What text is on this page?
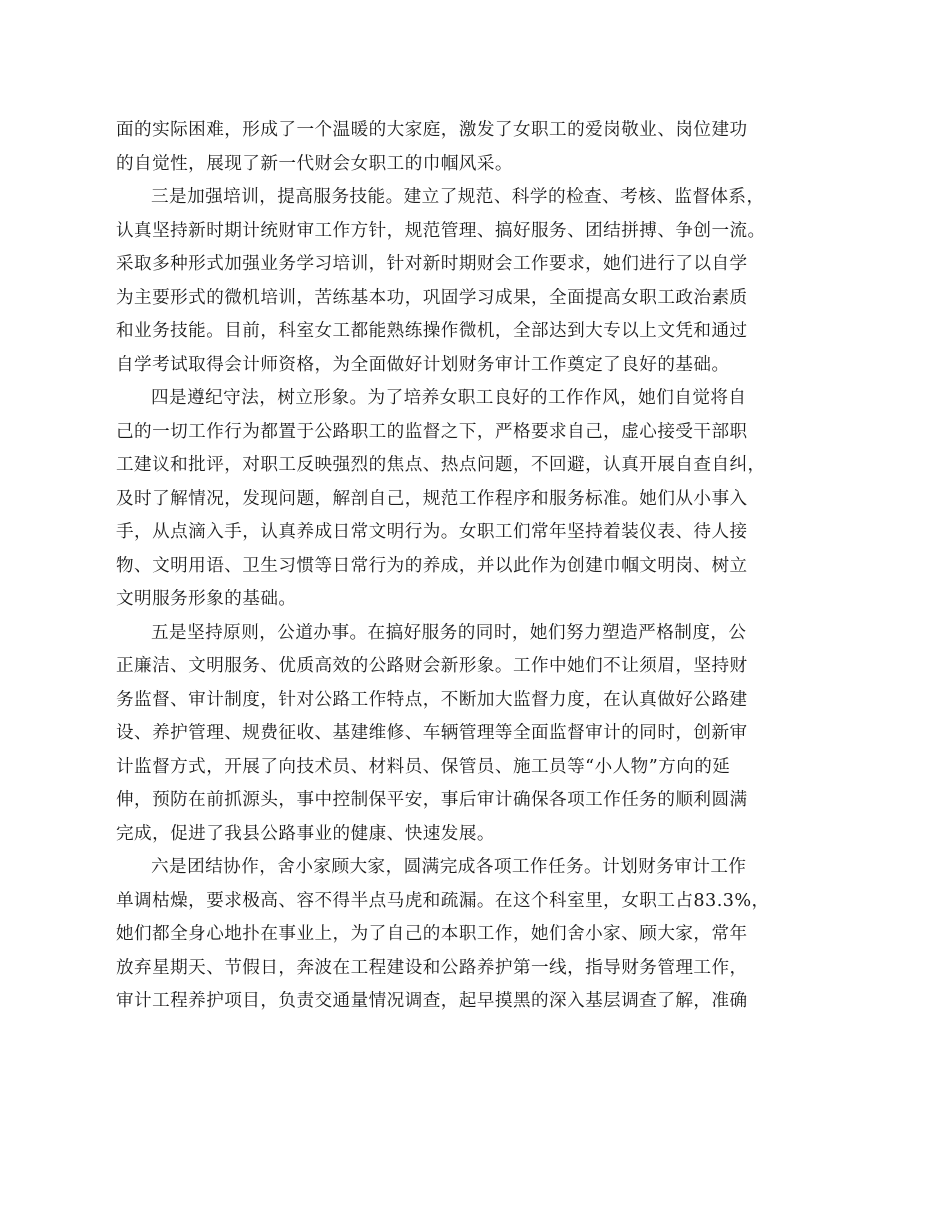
面的实际困难，形成了一个温暖的大家庭，激发了女职工的爱岗敬业、岗位建功
的自觉性，展现了新一代财会女职工的巾帼风采。
三是加强培训，提高服务技能。建立了规范、科学的检查、考核、监督体系，
认真坚持新时期计统财审工作方针，规范管理、搞好服务、团结拼搏、争创一流。
采取多种形式加强业务学习培训，针对新时期财会工作要求，她们进行了以自学
为主要形式的微机培训，苦练基本功，巩固学习成果，全面提高女职工政治素质
和业务技能。目前，科室女工都能熟练操作微机，全部达到大专以上文凭和通过
自学考试取得会计师资格，为全面做好计划财务审计工作奠定了良好的基础。
四是遵纪守法，树立形象。为了培养女职工良好的工作作风，她们自觉将自
己的一切工作行为都置于公路职工的监督之下，严格要求自己，虚心接受干部职
工建议和批评，对职工反映强烈的焦点、热点问题，不回避，认真开展自查自纠，
及时了解情况，发现问题，解剖自己，规范工作程序和服务标准。她们从小事入
手，从点滴入手，认真养成日常文明行为。女职工们常年坚持着装仪表、待人接
物、文明用语、卫生习惯等日常行为的养成，并以此作为创建巾帼文明岗、树立
文明服务形象的基础。
五是坚持原则，公道办事。在搞好服务的同时，她们努力塑造严格制度，公
正廉洁、文明服务、优质高效的公路财会新形象。工作中她们不让须眉，坚持财
务监督、审计制度，针对公路工作特点，不断加大监督力度，在认真做好公路建
设、养护管理、规费征收、基建维修、车辆管理等全面监督审计的同时，创新审
计监督方式，开展了向技术员、材料员、保管员、施工员等“小人物”方向的延
伸，预防在前抓源头，事中控制保平安，事后审计确保各项工作任务的顺利圆满
完成，促进了我县公路事业的健康、快速发展。
六是团结协作，舍小家顾大家，圆满完成各项工作任务。计划财务审计工作
单调枯燥，要求极高、容不得半点马虎和疏漏。在这个科室里，女职工占83.3%，
她们都全身心地扑在事业上，为了自己的本职工作，她们舍小家、顾大家，常年
放弃星期天、节假日，奔波在工程建设和公路养护第一线，指导财务管理工作，
审计工程养护项目，负责交通量情况调查，起早摸黑的深入基层调查了解，准确
